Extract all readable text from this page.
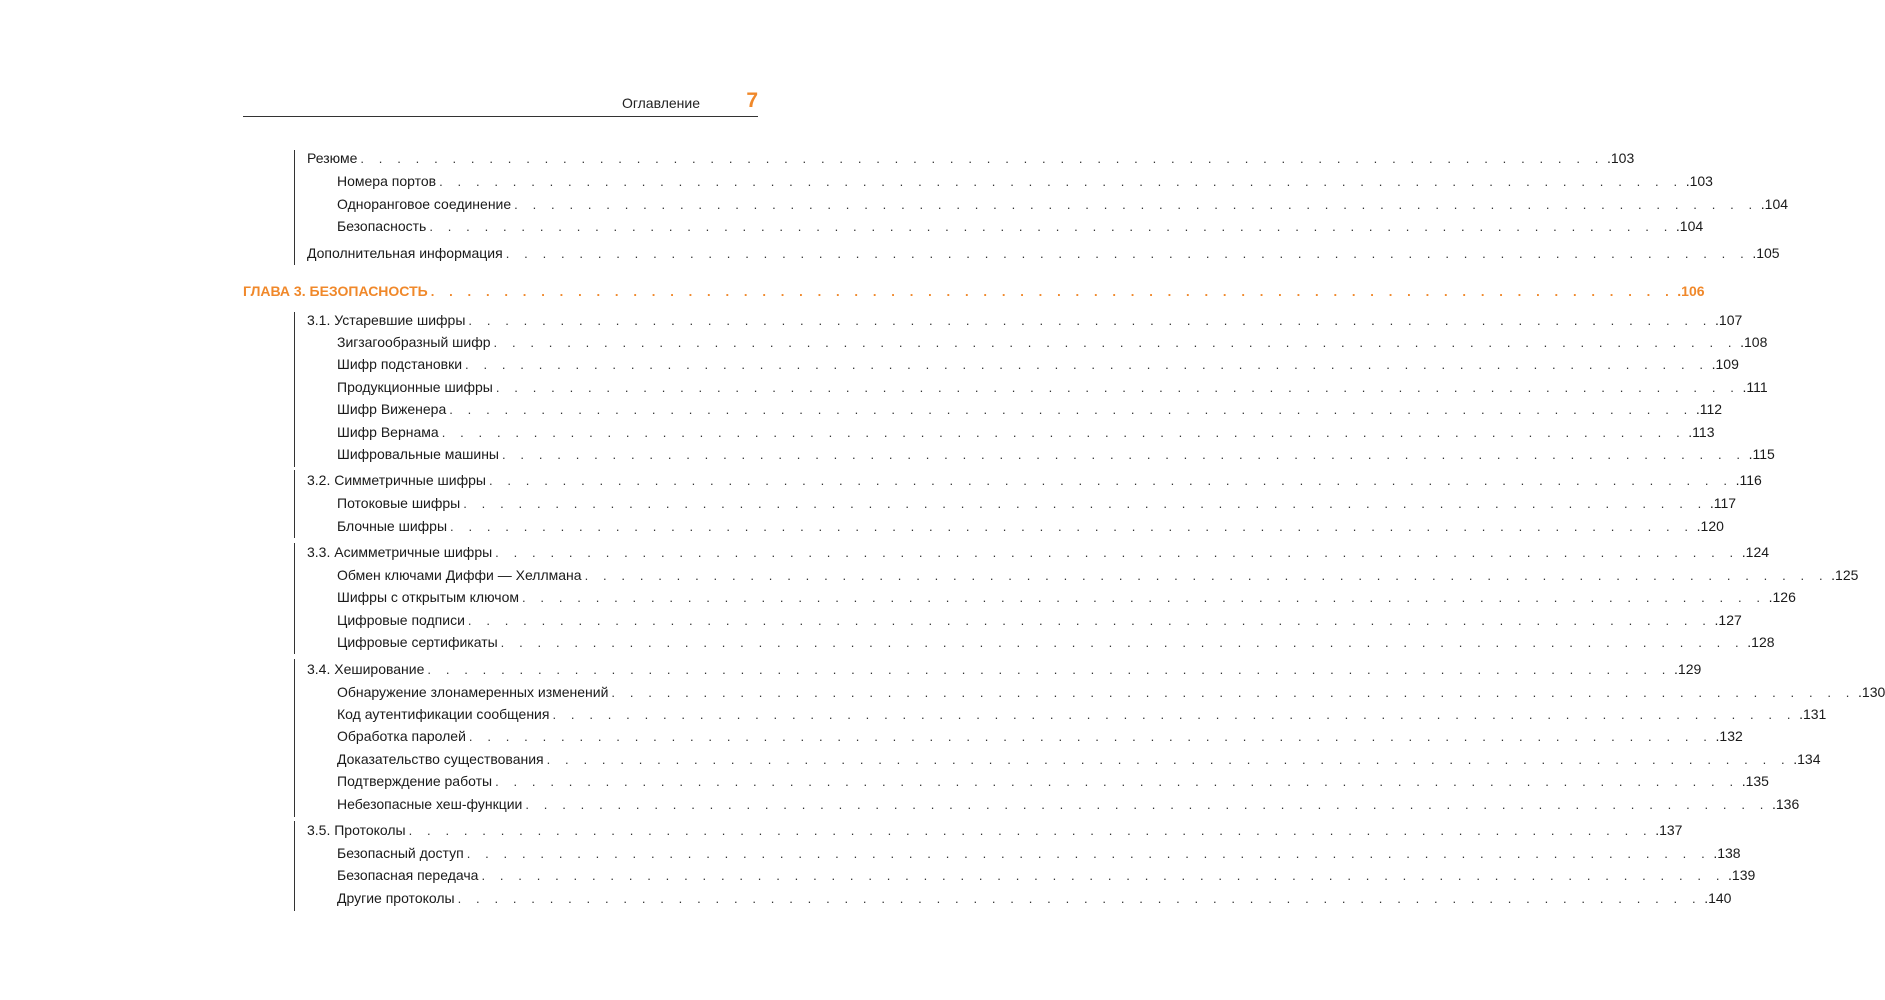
Оглавление 7
Резюме . . . . . . . . . . . . . . . . . . . . . . . . . . . . . . . . . . . . . . . . . . . . . . . . . . . . . . . . . . . . . . . . . . . . .103
Номера портов . . . . . . . . . . . . . . . . . . . . . . . . . . . . . . . . . . . . . . . . . . . . . . . . . . . . . . . . . . . . . . . . . . . . .103
Одноранговое соединение . . . . . . . . . . . . . . . . . . . . . . . . . . . . . . . . . . . . . . . . . . . . . . . . . . . . . . . . . . . . . . . . . . . . .104
Безопасность . . . . . . . . . . . . . . . . . . . . . . . . . . . . . . . . . . . . . . . . . . . . . . . . . . . . . . . . . . . . . . . . . . . . .104
Дополнительная информация . . . . . . . . . . . . . . . . . . . . . . . . . . . . . . . . . . . . . . . . . . . . . . . . . . . . . . . . . . . . . . . . . . . . .105
ГЛАВА 3. БЕЗОПАСНОСТЬ . . . . . . . . . . . . . . . . . . . . . . . . . . . . . . . . . . . . . . . . . . . . . . . . . . . . . . . . . . . . . . . . . . . . .106
3.1. Устаревшие шифры . . . . . . . . . . . . . . . . . . . . . . . . . . . . . . . . . . . . . . . . . . . . . . . . . . . . . . . . . . . . . . . . . . . . .107
Зигзагообразный шифр . . . . . . . . . . . . . . . . . . . . . . . . . . . . . . . . . . . . . . . . . . . . . . . . . . . . . . . . . . . . . . . . . . . . .108
Шифр подстановки . . . . . . . . . . . . . . . . . . . . . . . . . . . . . . . . . . . . . . . . . . . . . . . . . . . . . . . . . . . . . . . . . . . . .109
Продукционные шифры . . . . . . . . . . . . . . . . . . . . . . . . . . . . . . . . . . . . . . . . . . . . . . . . . . . . . . . . . . . . . . . . . . . . .111
Шифр Виженера . . . . . . . . . . . . . . . . . . . . . . . . . . . . . . . . . . . . . . . . . . . . . . . . . . . . . . . . . . . . . . . . . . . . .112
Шифр Вернама . . . . . . . . . . . . . . . . . . . . . . . . . . . . . . . . . . . . . . . . . . . . . . . . . . . . . . . . . . . . . . . . . . . . .113
Шифровальные машины . . . . . . . . . . . . . . . . . . . . . . . . . . . . . . . . . . . . . . . . . . . . . . . . . . . . . . . . . . . . . . . . . . . . .115
3.2. Симметричные шифры . . . . . . . . . . . . . . . . . . . . . . . . . . . . . . . . . . . . . . . . . . . . . . . . . . . . . . . . . . . . . . . . . . . . .116
Потоковые шифры . . . . . . . . . . . . . . . . . . . . . . . . . . . . . . . . . . . . . . . . . . . . . . . . . . . . . . . . . . . . . . . . . . . . .117
Блочные шифры . . . . . . . . . . . . . . . . . . . . . . . . . . . . . . . . . . . . . . . . . . . . . . . . . . . . . . . . . . . . . . . . . . . . .120
3.3. Асимметричные шифры . . . . . . . . . . . . . . . . . . . . . . . . . . . . . . . . . . . . . . . . . . . . . . . . . . . . . . . . . . . . . . . . . . . . .124
Обмен ключами Диффи — Хеллмана . . . . . . . . . . . . . . . . . . . . . . . . . . . . . . . . . . . . . . . . . . . . . . . . . . . . . . . . . . . . . . . . . . . . .125
Шифры с открытым ключом . . . . . . . . . . . . . . . . . . . . . . . . . . . . . . . . . . . . . . . . . . . . . . . . . . . . . . . . . . . . . . . . . . . . .126
Цифровые подписи . . . . . . . . . . . . . . . . . . . . . . . . . . . . . . . . . . . . . . . . . . . . . . . . . . . . . . . . . . . . . . . . . . . . .127
Цифровые сертификаты . . . . . . . . . . . . . . . . . . . . . . . . . . . . . . . . . . . . . . . . . . . . . . . . . . . . . . . . . . . . . . . . . . . . .128
3.4. Хеширование . . . . . . . . . . . . . . . . . . . . . . . . . . . . . . . . . . . . . . . . . . . . . . . . . . . . . . . . . . . . . . . . . . . . .129
Обнаружение злонамеренных изменений . . . . . . . . . . . . . . . . . . . . . . . . . . . . . . . . . . . . . . . . . . . . . . . . . . . . . . . . . . . . . . . . . . . . .130
Код аутентификации сообщения . . . . . . . . . . . . . . . . . . . . . . . . . . . . . . . . . . . . . . . . . . . . . . . . . . . . . . . . . . . . . . . . . . . . .131
Обработка паролей . . . . . . . . . . . . . . . . . . . . . . . . . . . . . . . . . . . . . . . . . . . . . . . . . . . . . . . . . . . . . . . . . . . . .132
Доказательство существования . . . . . . . . . . . . . . . . . . . . . . . . . . . . . . . . . . . . . . . . . . . . . . . . . . . . . . . . . . . . . . . . . . . . .134
Подтверждение работы . . . . . . . . . . . . . . . . . . . . . . . . . . . . . . . . . . . . . . . . . . . . . . . . . . . . . . . . . . . . . . . . . . . . .135
Небезопасные хеш-функции . . . . . . . . . . . . . . . . . . . . . . . . . . . . . . . . . . . . . . . . . . . . . . . . . . . . . . . . . . . . . . . . . . . . .136
3.5. Протоколы . . . . . . . . . . . . . . . . . . . . . . . . . . . . . . . . . . . . . . . . . . . . . . . . . . . . . . . . . . . . . . . . . . . . .137
Безопасный доступ . . . . . . . . . . . . . . . . . . . . . . . . . . . . . . . . . . . . . . . . . . . . . . . . . . . . . . . . . . . . . . . . . . . . .138
Безопасная передача . . . . . . . . . . . . . . . . . . . . . . . . . . . . . . . . . . . . . . . . . . . . . . . . . . . . . . . . . . . . . . . . . . . . .139
Другие протоколы . . . . . . . . . . . . . . . . . . . . . . . . . . . . . . . . . . . . . . . . . . . . . . . . . . . . . . . . . . . . . . . . . . . . .140
